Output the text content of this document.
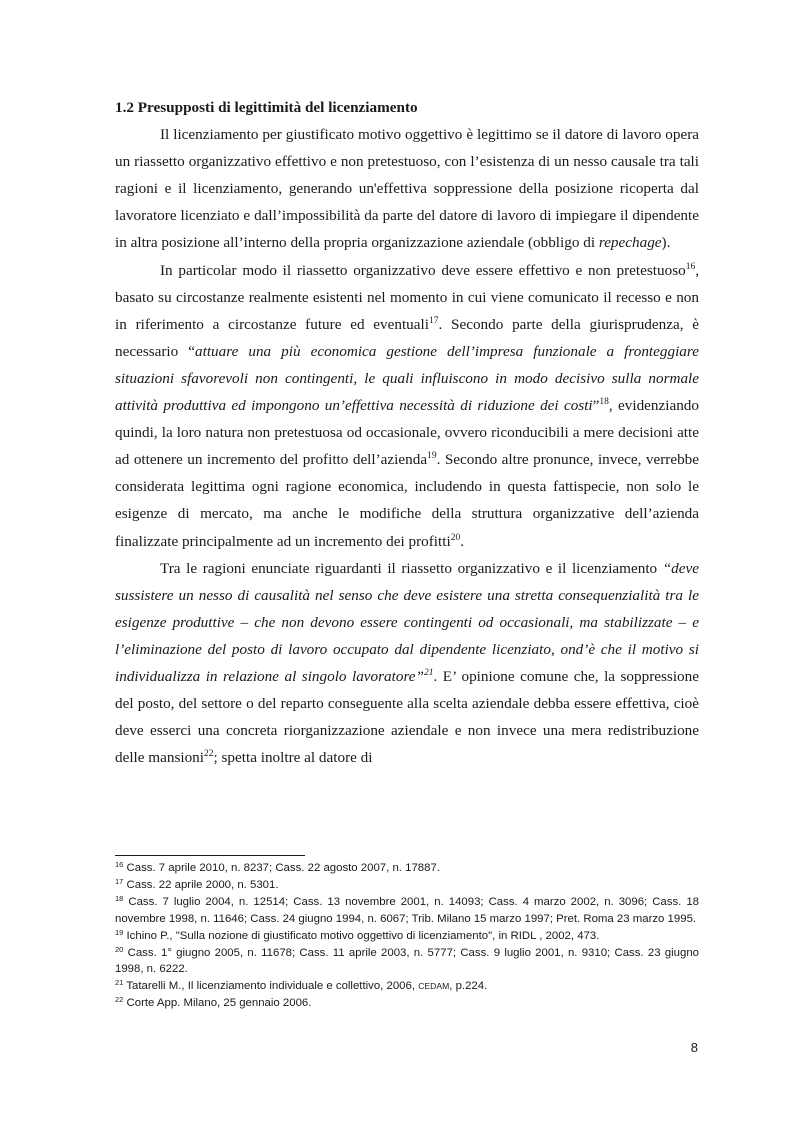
1.2 Presupposti di legittimità del licenziamento

Il licenziamento per giustificato motivo oggettivo è legittimo se il datore di lavoro opera un riassetto organizzativo effettivo e non pretestuoso, con l’esistenza di un nesso causale tra tali ragioni e il licenziamento, generando un'effettiva soppressione della posizione ricoperta dal lavoratore licenziato e dall’impossibilità da parte del datore di lavoro di impiegare il dipendente in altra posizione all’interno della propria organizzazione aziendale (obbligo di repechage).

In particolar modo il riassetto organizzativo deve essere effettivo e non pretestuoso$^{16}$, basato su circostanze realmente esistenti nel momento in cui viene comunicato il recesso e non in riferimento a circostanze future ed eventuali$^{17}$. Secondo parte della giurisprudenza, è necessario “attuare una più economica gestione dell’impresa funzionale a fronteggiare situazioni sfavorevoli non contingenti, le quali influiscono in modo decisivo sulla normale attività produttiva ed impongono un’effettiva necessità di riduzione dei costi”$^{18}$, evidenziando quindi, la loro natura non pretestuosa od occasionale, ovvero riconducibili a mere decisioni atte ad ottenere un incremento del profitto dell’azienda$^{19}$. Secondo altre pronunce, invece, verrebbe considerata legittima ogni ragione economica, includendo in questa fattispecie, non solo le esigenze di mercato, ma anche le modifiche della struttura organizzative dell’azienda finalizzate principalmente ad un incremento dei profitti$^{20}$.

Tra le ragioni enunciate riguardanti il riassetto organizzativo e il licenziamento “deve sussistere un nesso di causalità nel senso che deve esistere una stretta consequenzialità tra le esigenze produttive – che non devono essere contingenti od occasionali, ma stabilizzate – e l’eliminazione del posto di lavoro occupato dal dipendente licenziato, ond’è che il motivo si individualizza in relazione al singolo lavoratore”$^{21}$. E’ opinione comune che, la soppressione del posto, del settore o del reparto conseguente alla scelta aziendale debba essere effettiva, cioè deve esserci una concreta riorganizzazione aziendale e non invece una mera redistribuzione delle mansioni$^{22}$; spetta inoltre al datore di

$^{16}$ Cass. 7 aprile 2010, n. 8237; Cass. 22 agosto 2007, n. 17887.

$^{17}$ Cass. 22 aprile 2000, n. 5301.

$^{18}$ Cass. 7 luglio 2004, n. 12514; Cass. 13 novembre 2001, n. 14093; Cass. 4 marzo 2002, n. 3096; Cass. 18 novembre 1998, n. 11646; Cass. 24 giugno 1994, n. 6067; Trib. Milano 15 marzo 1997; Pret. Roma 23 marzo 1995.

$^{19}$ Ichino P., "Sulla nozione di giustificato motivo oggettivo di licenziamento", in RIDL , 2002, 473.

$^{20}$ Cass. 1° giugno 2005, n. 11678; Cass. 11 aprile 2003, n. 5777; Cass. 9 luglio 2001, n. 9310; Cass. 23 giugno 1998, n. 6222.

$^{21}$ Tatarelli M., Il licenziamento individuale e collettivo, 2006, CEDAM, p.224.

$^{22}$ Corte App. Milano, 25 gennaio 2006.

8
